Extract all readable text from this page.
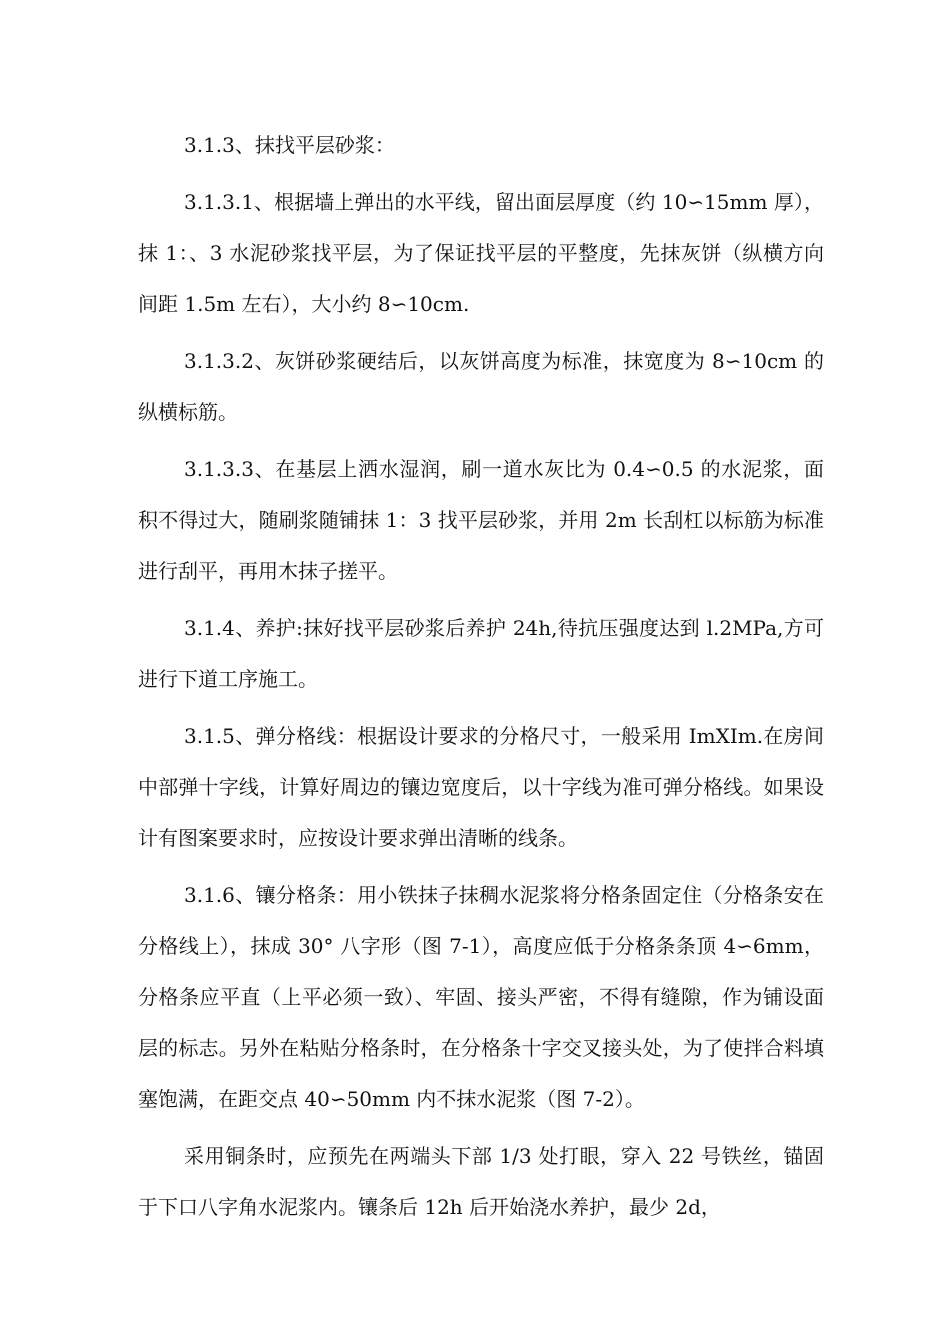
3.1.3、抹找平层砂浆：

3.1.3.1、根据墙上弹出的水平线，留出面层厚度（约 10∽15mm 厚），抹 1：、3 水泥砂浆找平层，为了保证找平层的平整度，先抹灰饼（纵横方向间距 1.5m 左右），大小约 8∽10cm.

3.1.3.2、灰饼砂浆硬结后，以灰饼高度为标准，抹宽度为 8∽10cm 的纵横标筋。

3.1.3.3、在基层上洒水湿润，刷一道水灰比为 0.4∽0.5 的水泥浆，面积不得过大，随刷浆随铺抹 1：3 找平层砂浆，并用 2m 长刮杠以标筋为标准进行刮平，再用木抹子搓平。

3.1.4、养护:抹好找平层砂浆后养护 24h,待抗压强度达到 l.2MPa,方可进行下道工序施工。

3.1.5、弹分格线：根据设计要求的分格尺寸，一般采用 ImXIm.在房间中部弹十字线，计算好周边的镶边宽度后，以十字线为准可弹分格线。如果设计有图案要求时，应按设计要求弹出清晰的线条。

3.1.6、镶分格条：用小铁抹子抹稠水泥浆将分格条固定住（分格条安在分格线上），抹成 30° 八字形（图 7-1），高度应低于分格条条顶 4∽6mm，分格条应平直（上平必须一致）、牢固、接头严密，不得有缝隙，作为铺设面层的标志。另外在粘贴分格条时，在分格条十字交叉接头处，为了使拌合料填塞饱满，在距交点 40∽50mm 内不抹水泥浆（图 7-2）。

采用铜条时，应预先在两端头下部 1/3 处打眼，穿入 22 号铁丝，锚固于下口八字角水泥浆内。镶条后 12h 后开始浇水养护，最少 2d，
